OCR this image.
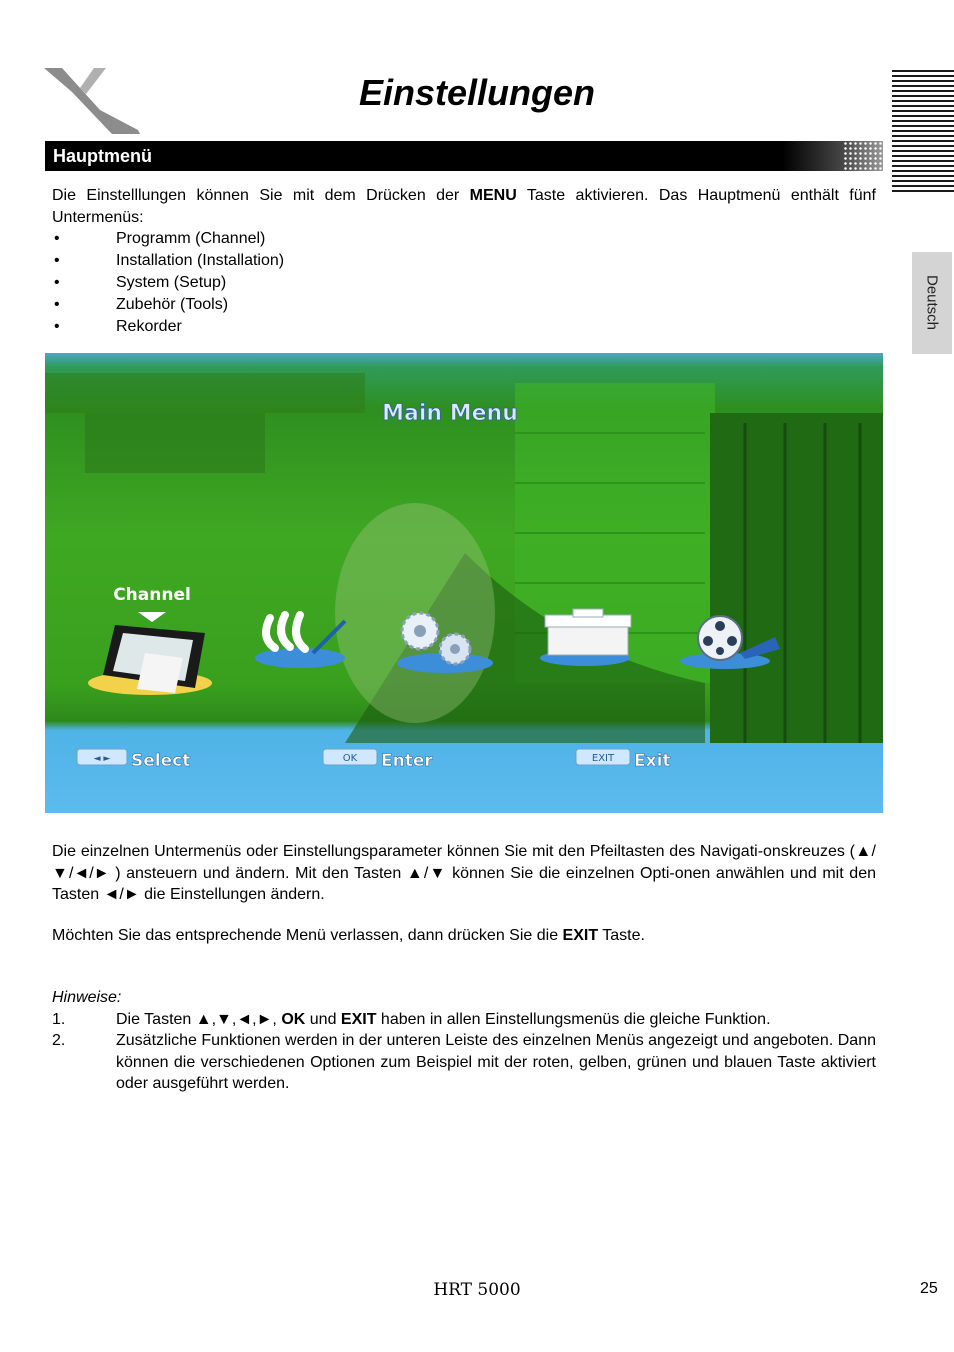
Einstellungen
Deutsch
Hauptmenü
Die Einstelllungen können Sie mit dem Drücken der MENU Taste aktivieren. Das Hauptmenü enthält fünf Untermenüs:
• Programm (Channel)
• Installation (Installation)
• System (Setup)
• Zubehör (Tools)
• Rekorder
Main Menu
Channel
◄ ► Select	OK Enter	EXIT Exit
Die einzelnen Untermenüs oder Einstellungsparameter können Sie mit den Pfeiltasten des Navigati-onskreuzes (▲/▼/◄/► ) ansteuern und ändern. Mit den Tasten ▲/▼ können Sie die einzelnen Opti-onen anwählen und mit den Tasten ◄/► die Einstellungen ändern.
Möchten Sie das entsprechende Menü verlassen, dann drücken Sie die EXIT Taste.
Hinweise:
1.	Die Tasten ▲,▼,◄,►, OK und EXIT haben in allen Einstellungsmenüs die gleiche Funktion.
2.	Zusätzliche Funktionen werden in der unteren Leiste des einzelnen Menüs angezeigt und angeboten. Dann können die verschiedenen Optionen zum Beispiel mit der roten, gelben, grünen und blauen Taste aktiviert oder ausgeführt werden.
HRT 5000	25
